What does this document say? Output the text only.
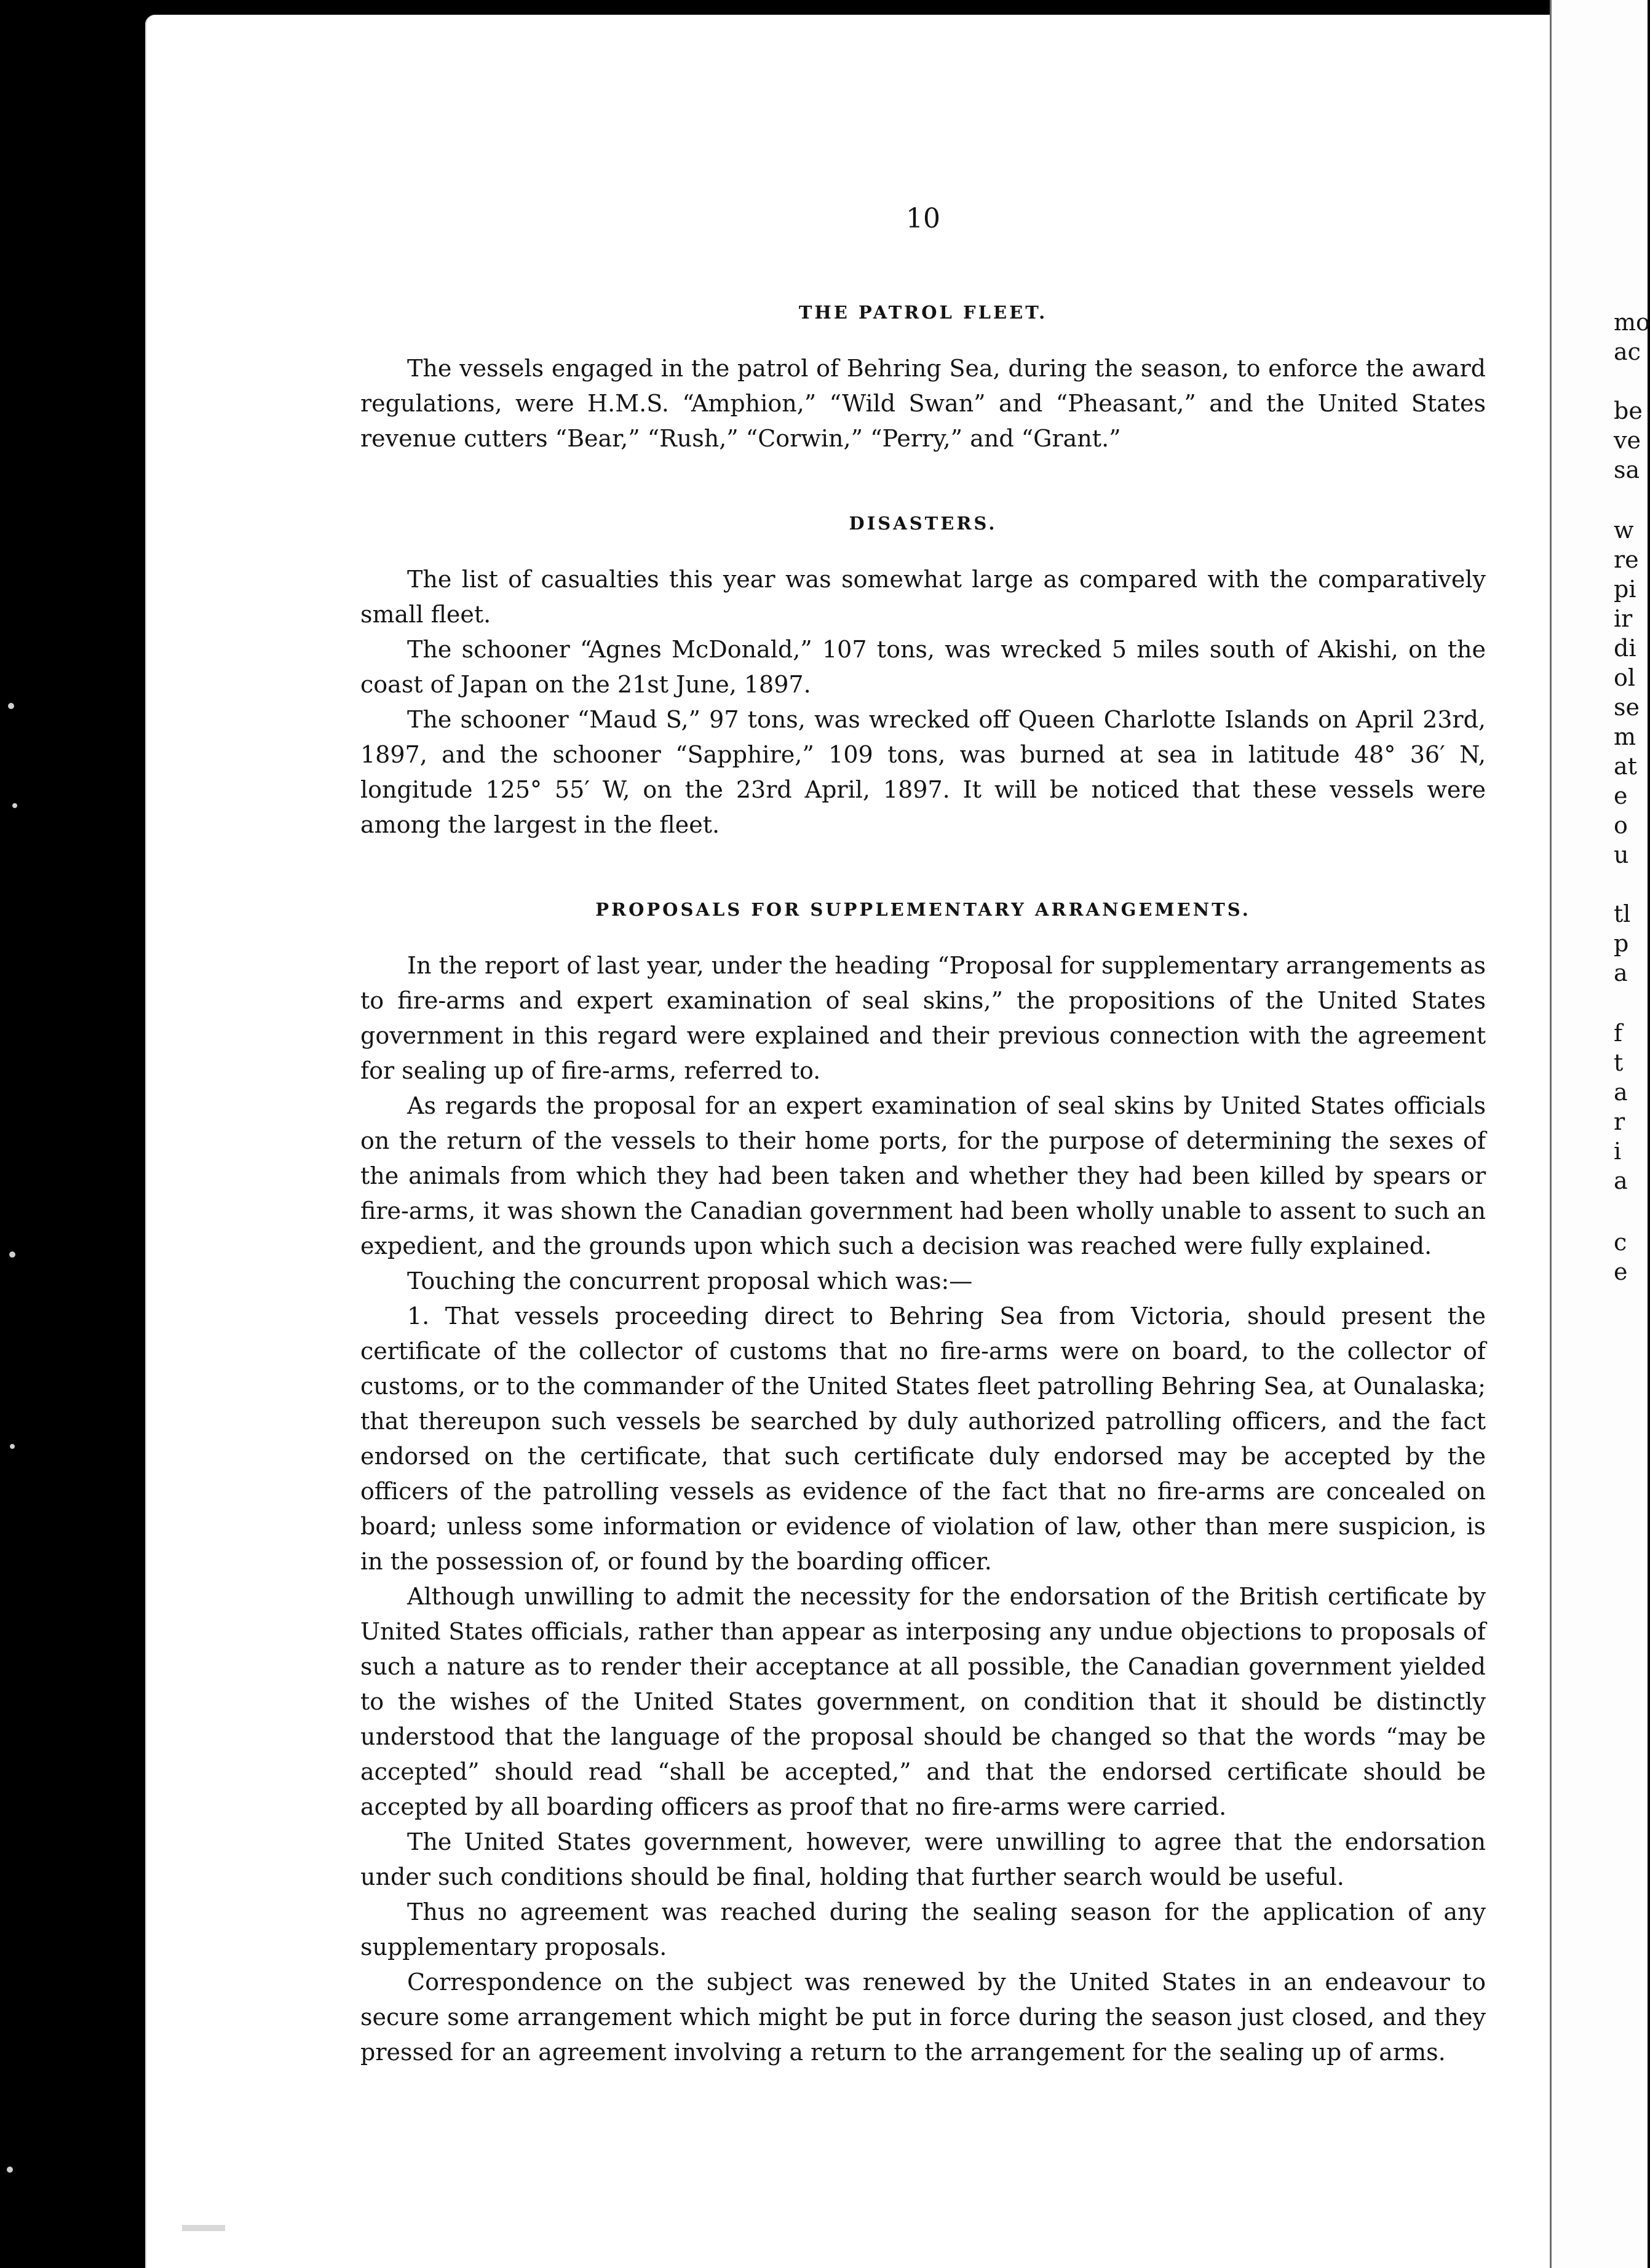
10
THE PATROL FLEET.

The vessels engaged in the patrol of Behring Sea, during the season, to enforce the award regulations, were H.M.S. “Amphion,” “Wild Swan” and “Pheasant,” and the United States revenue cutters “Bear,” “Rush,” “Corwin,” “Perry,” and “Grant.”

DISASTERS.

The list of casualties this year was somewhat large as compared with the comparatively small fleet.

The schooner “Agnes McDonald,” 107 tons, was wrecked 5 miles south of Akishi, on the coast of Japan on the 21st June, 1897.

The schooner “Maud S,” 97 tons, was wrecked off Queen Charlotte Islands on April 23rd, 1897, and the schooner “Sapphire,” 109 tons, was burned at sea in latitude 48° 36′ N, longitude 125° 55′ W, on the 23rd April, 1897. It will be noticed that these vessels were among the largest in the fleet.

PROPOSALS FOR SUPPLEMENTARY ARRANGEMENTS.

In the report of last year, under the heading “Proposal for supplementary arrangements as to fire-arms and expert examination of seal skins,” the propositions of the United States government in this regard were explained and their previous connection with the agreement for sealing up of fire-arms, referred to.

As regards the proposal for an expert examination of seal skins by United States officials on the return of the vessels to their home ports, for the purpose of determining the sexes of the animals from which they had been taken and whether they had been killed by spears or fire-arms, it was shown the Canadian government had been wholly unable to assent to such an expedient, and the grounds upon which such a decision was reached were fully explained.

Touching the concurrent proposal which was:—

1. That vessels proceeding direct to Behring Sea from Victoria, should present the certificate of the collector of customs that no fire-arms were on board, to the collector of customs, or to the commander of the United States fleet patrolling Behring Sea, at Ounalaska; that thereupon such vessels be searched by duly authorized patrolling officers, and the fact endorsed on the certificate, that such certificate duly endorsed may be accepted by the officers of the patrolling vessels as evidence of the fact that no fire-arms are concealed on board; unless some information or evidence of violation of law, other than mere suspicion, is in the possession of, or found by the boarding officer.

Although unwilling to admit the necessity for the endorsation of the British certificate by United States officials, rather than appear as interposing any undue objections to proposals of such a nature as to render their acceptance at all possible, the Canadian government yielded to the wishes of the United States government, on condition that it should be distinctly understood that the language of the proposal should be changed so that the words “may be accepted” should read “shall be accepted,” and that the endorsed certificate should be accepted by all boarding officers as proof that no fire-arms were carried.

The United States government, however, were unwilling to agree that the endorsation under such conditions should be final, holding that further search would be useful.

Thus no agreement was reached during the sealing season for the application of any supplementary proposals.

Correspondence on the subject was renewed by the United States in an endeavour to secure some arrangement which might be put in force during the season just closed, and they pressed for an agreement involving a return to the arrangement for the sealing up of arms.

mo
ac
be
ve
sa
w
re
pi
ir
di
ol
se
m
at
e
o
u
tl
p
a
f
t
a
r
i
a
c
e
